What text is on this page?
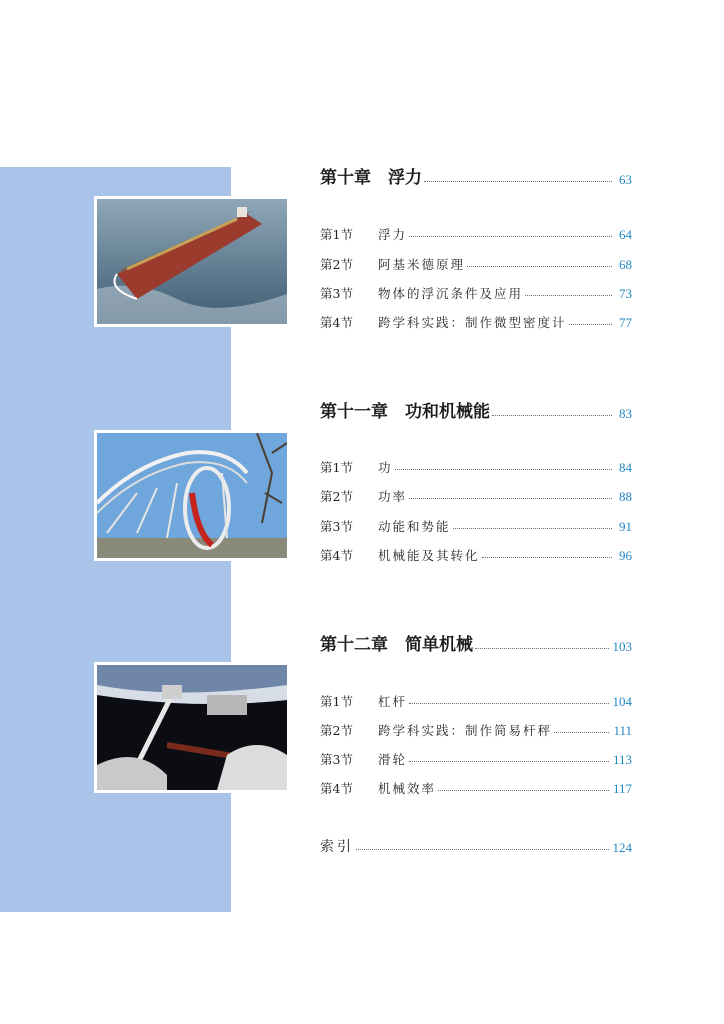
第十章　浮力	63
第1节	浮力	64
第2节	阿基米德原理	68
第3节	物体的浮沉条件及应用	73
第4节	跨学科实践：制作微型密度计	77
第十一章　功和机械能	83
第1节	功	84
第2节	功率	88
第3节	动能和势能	91
第4节	机械能及其转化	96
第十二章　简单机械	103
第1节	杠杆	104
第2节	跨学科实践：制作简易杆秤	111
第3节	滑轮	113
第4节	机械效率	117
索引	124
